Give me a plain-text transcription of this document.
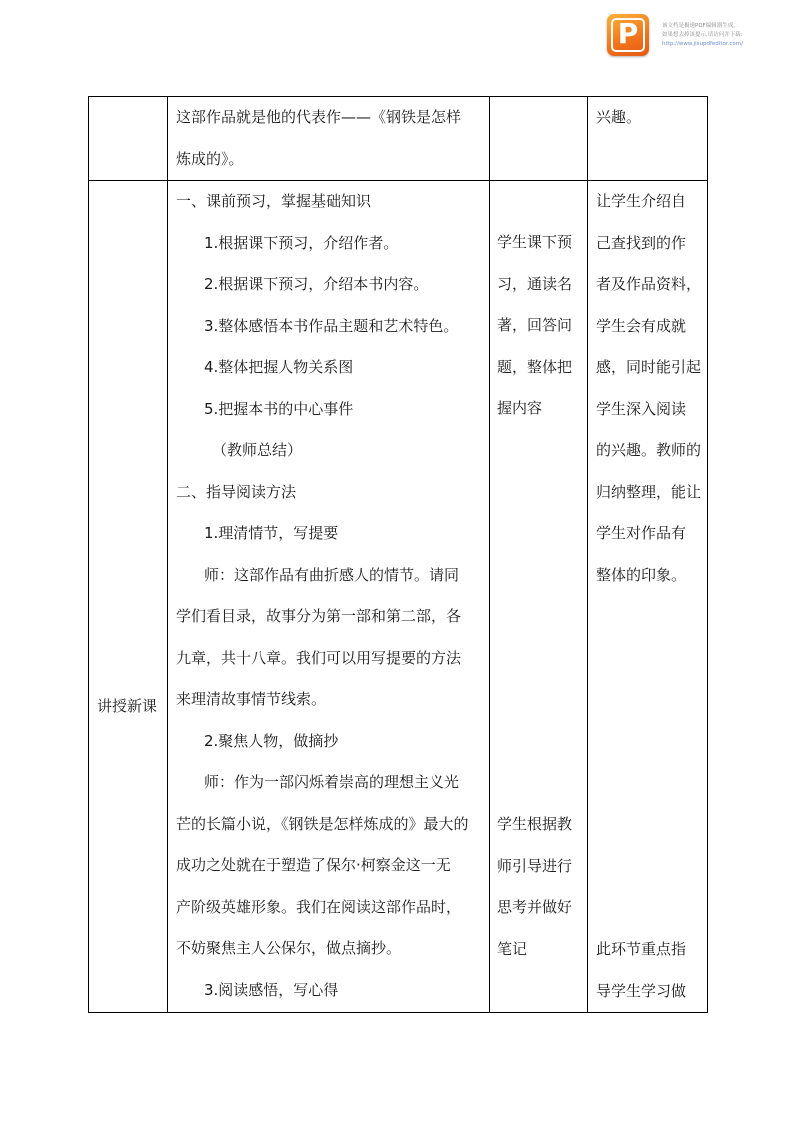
P	该文档是极速PDF编辑器生成,
如果想去掉该提示,请访问并下载:
http://www.jisupdfeditor.com/

这部作品就是他的代表作——《钢铁是怎样

炼成的》。

兴趣。

讲授新课

一、课前预习，掌握基础知识

1.根据课下预习，介绍作者。

2.根据课下预习，介绍本书内容。

3.整体感悟本书作品主题和艺术特色。

4.整体把握人物关系图

5.把握本书的中心事件

（教师总结）

二、指导阅读方法

1.理清情节，写提要

师：这部作品有曲折感人的情节。请同

学们看目录，故事分为第一部和第二部，各

九章，共十八章。我们可以用写提要的方法

来理清故事情节线索。

2.聚焦人物，做摘抄

师：作为一部闪烁着崇高的理想主义光

芒的长篇小说，《钢铁是怎样炼成的》最大的

成功之处就在于塑造了保尔·柯察金这一无

产阶级英雄形象。我们在阅读这部作品时，

不妨聚焦主人公保尔，做点摘抄。

3.阅读感悟，写心得

学生课下预

习，通读名

著，回答问

题，整体把

握内容

学生根据教

师引导进行

思考并做好

笔记

让学生介绍自

己查找到的作

者及作品资料，

学生会有成就

感，同时能引起

学生深入阅读

的兴趣。教师的

归纳整理，能让

学生对作品有

整体的印象。

此环节重点指

导学生学习做
